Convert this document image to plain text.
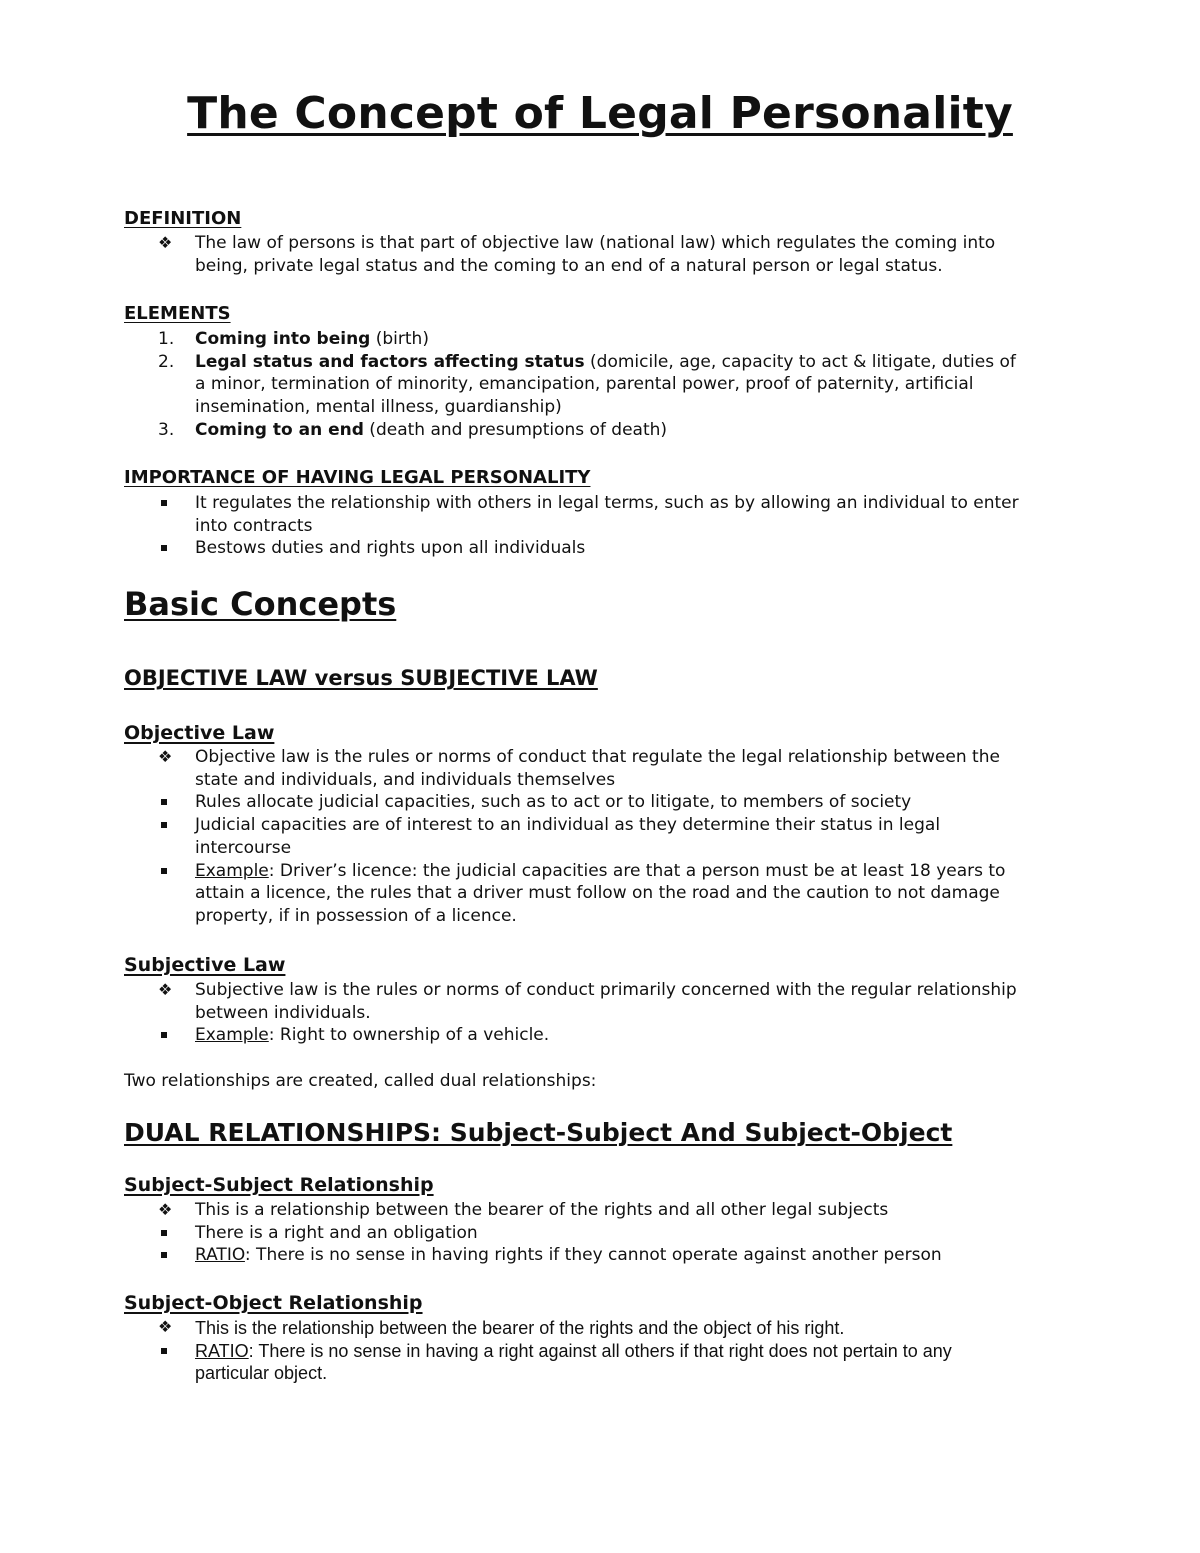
The Concept of Legal Personality
DEFINITION
❖	The law of persons is that part of objective law (national law) which regulates the coming into being, private legal status and the coming to an end of a natural person or legal status.
ELEMENTS
1.	Coming into being (birth)
2.	Legal status and factors affecting status (domicile, age, capacity to act & litigate, duties of a minor, termination of minority, emancipation, parental power, proof of paternity, artificial insemination, mental illness, guardianship)
3.	Coming to an end (death and presumptions of death)
IMPORTANCE OF HAVING LEGAL PERSONALITY
It regulates the relationship with others in legal terms, such as by allowing an individual to enter into contracts
Bestows duties and rights upon all individuals
Basic Concepts
OBJECTIVE LAW versus SUBJECTIVE LAW
Objective Law
❖	Objective law is the rules or norms of conduct that regulate the legal relationship between the state and individuals, and individuals themselves
Rules allocate judicial capacities, such as to act or to litigate, to members of society
Judicial capacities are of interest to an individual as they determine their status in legal intercourse
Example: Driver’s licence: the judicial capacities are that a person must be at least 18 years to attain a licence, the rules that a driver must follow on the road and the caution to not damage property, if in possession of a licence.
Subjective Law
❖	Subjective law is the rules or norms of conduct primarily concerned with the regular relationship between individuals.
Example: Right to ownership of a vehicle.

Two relationships are created, called dual relationships:

DUAL RELATIONSHIPS: Subject-Subject And Subject-Object
Subject-Subject Relationship
❖	This is a relationship between the bearer of the rights and all other legal subjects
There is a right and an obligation
RATIO: There is no sense in having rights if they cannot operate against another person
Subject-Object Relationship
❖	This is the relationship between the bearer of the rights and the object of his right.
RATIO: There is no sense in having a right against all others if that right does not pertain to any particular object.
